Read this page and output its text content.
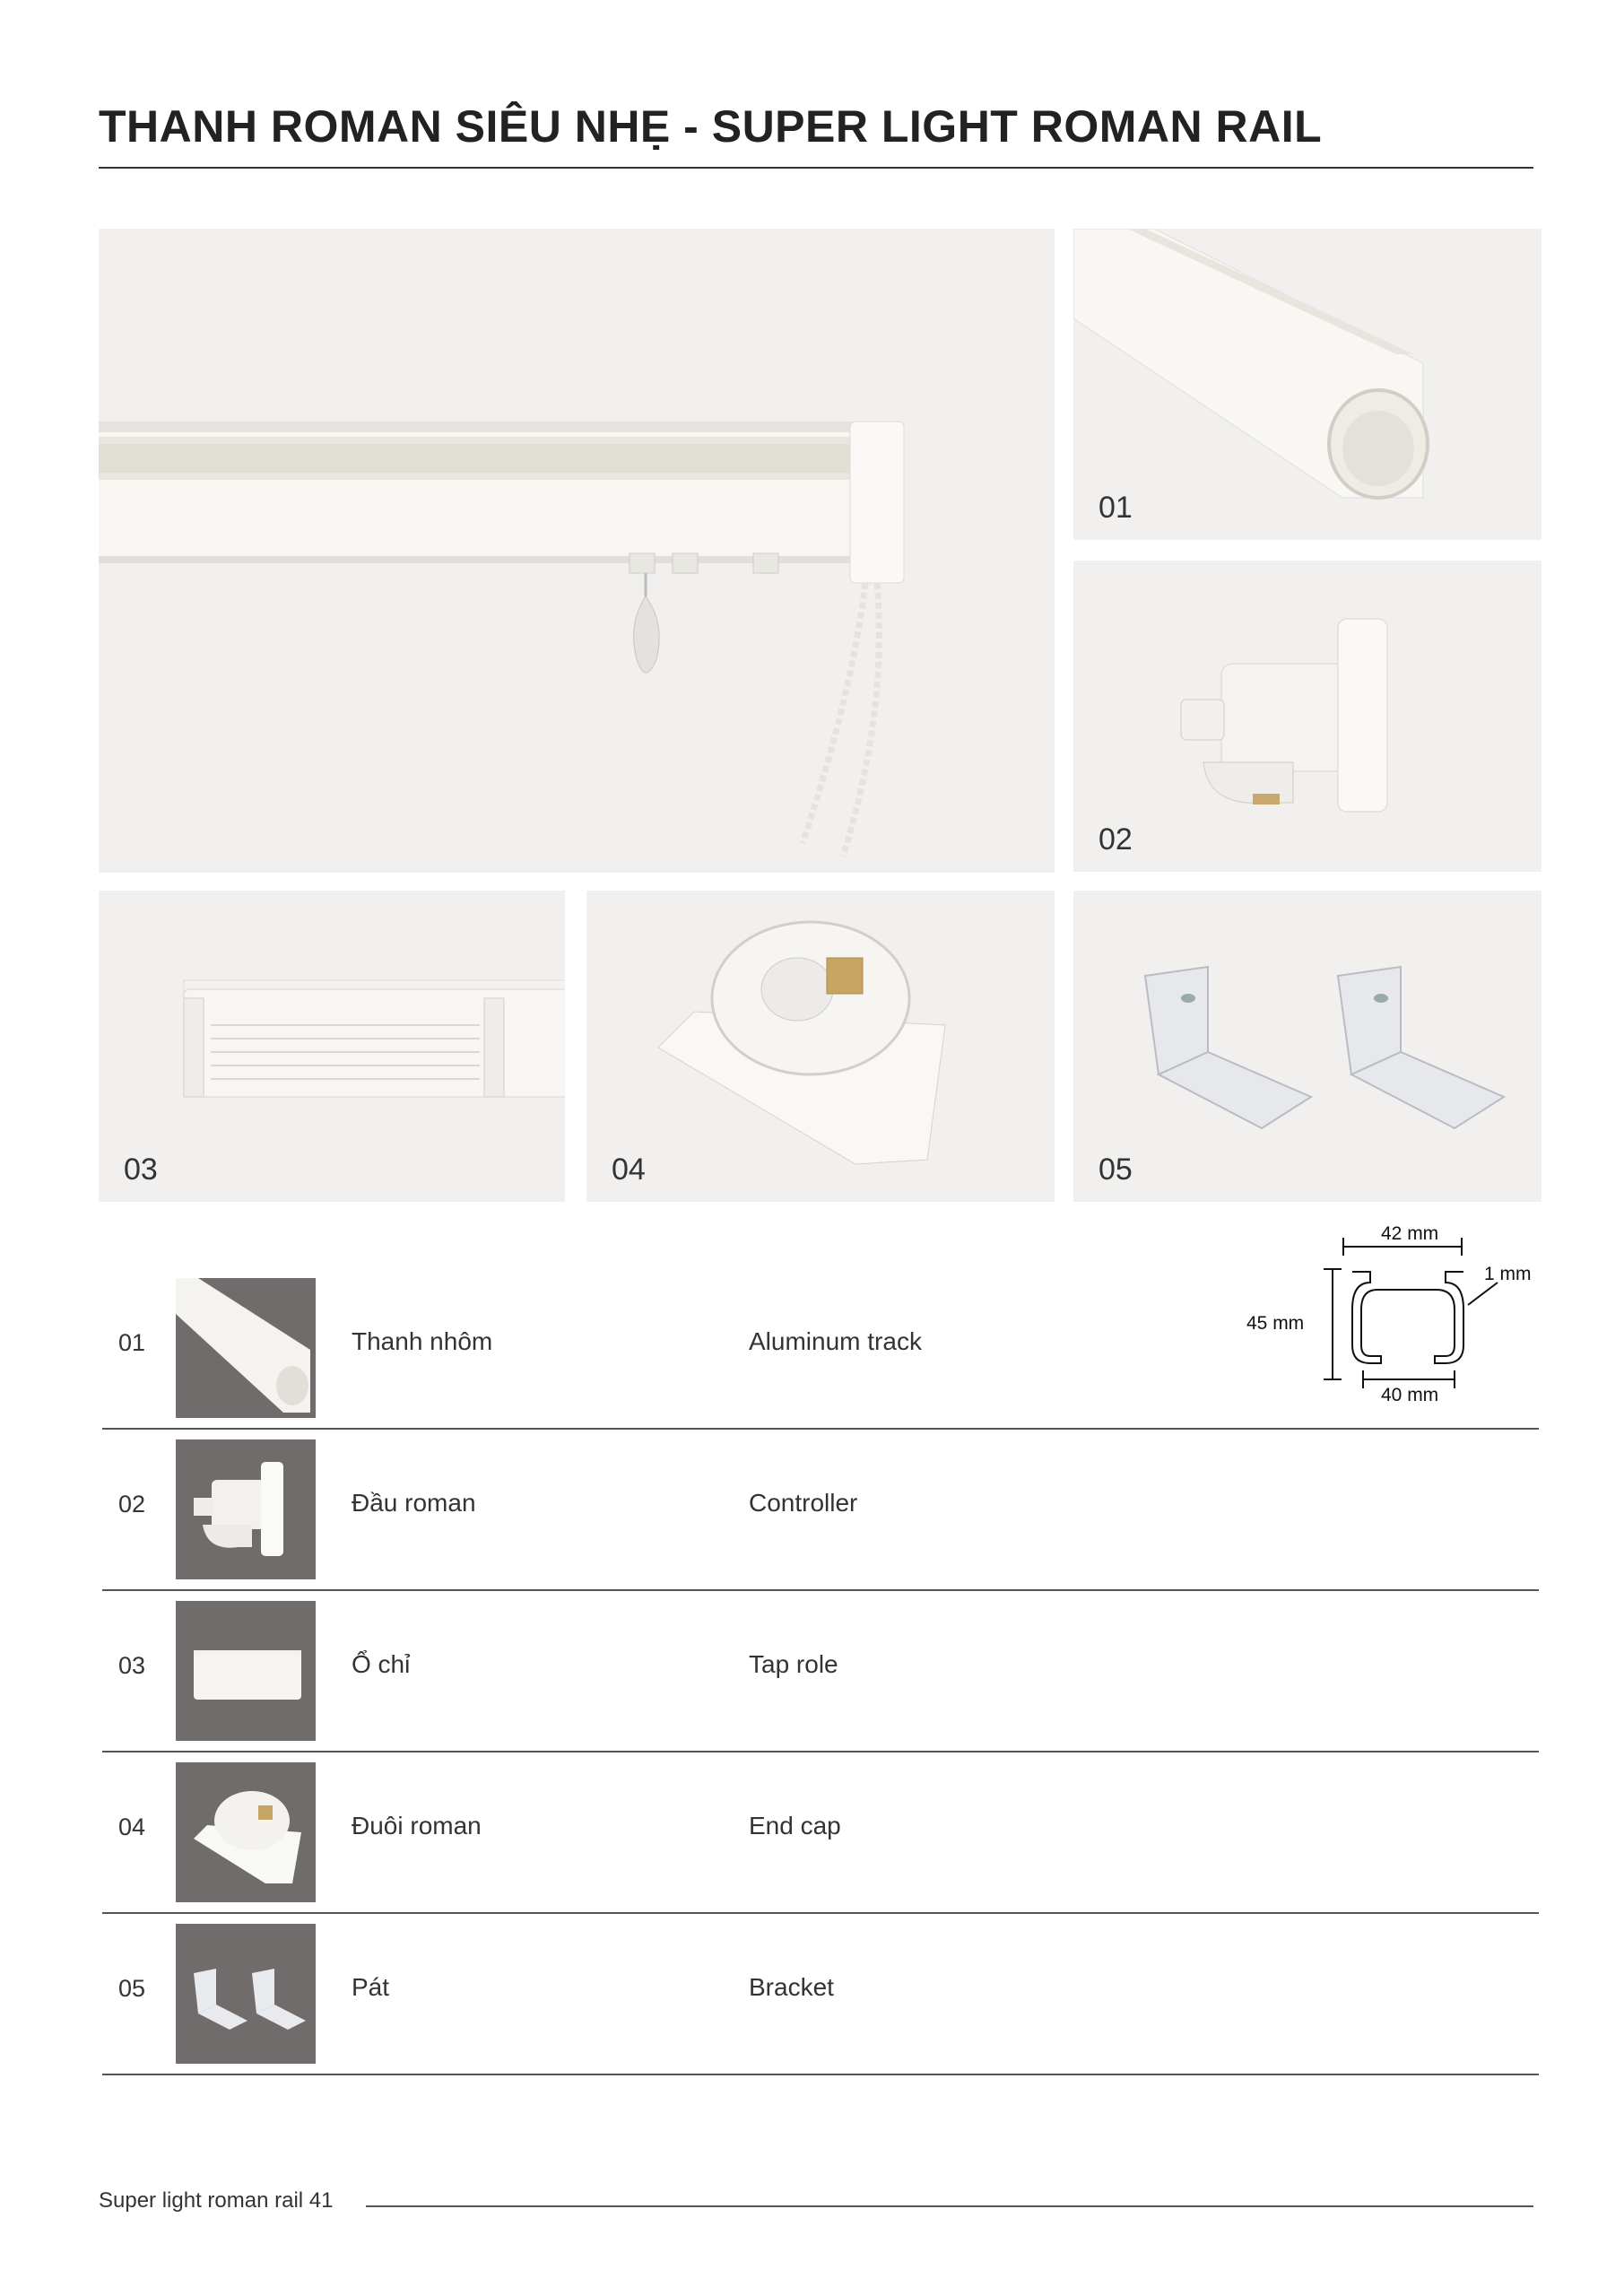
THANH ROMAN SIÊU NHẸ - SUPER LIGHT ROMAN RAIL
01
02
03	04	05
42 mm
1 mm
45 mm
40 mm
01	Thanh nhôm	Aluminum track
02	Đầu roman	Controller
03	Ổ chỉ	Tap role
04	Đuôi roman	End cap
05	Pát	Bracket
Super light roman rail 41
